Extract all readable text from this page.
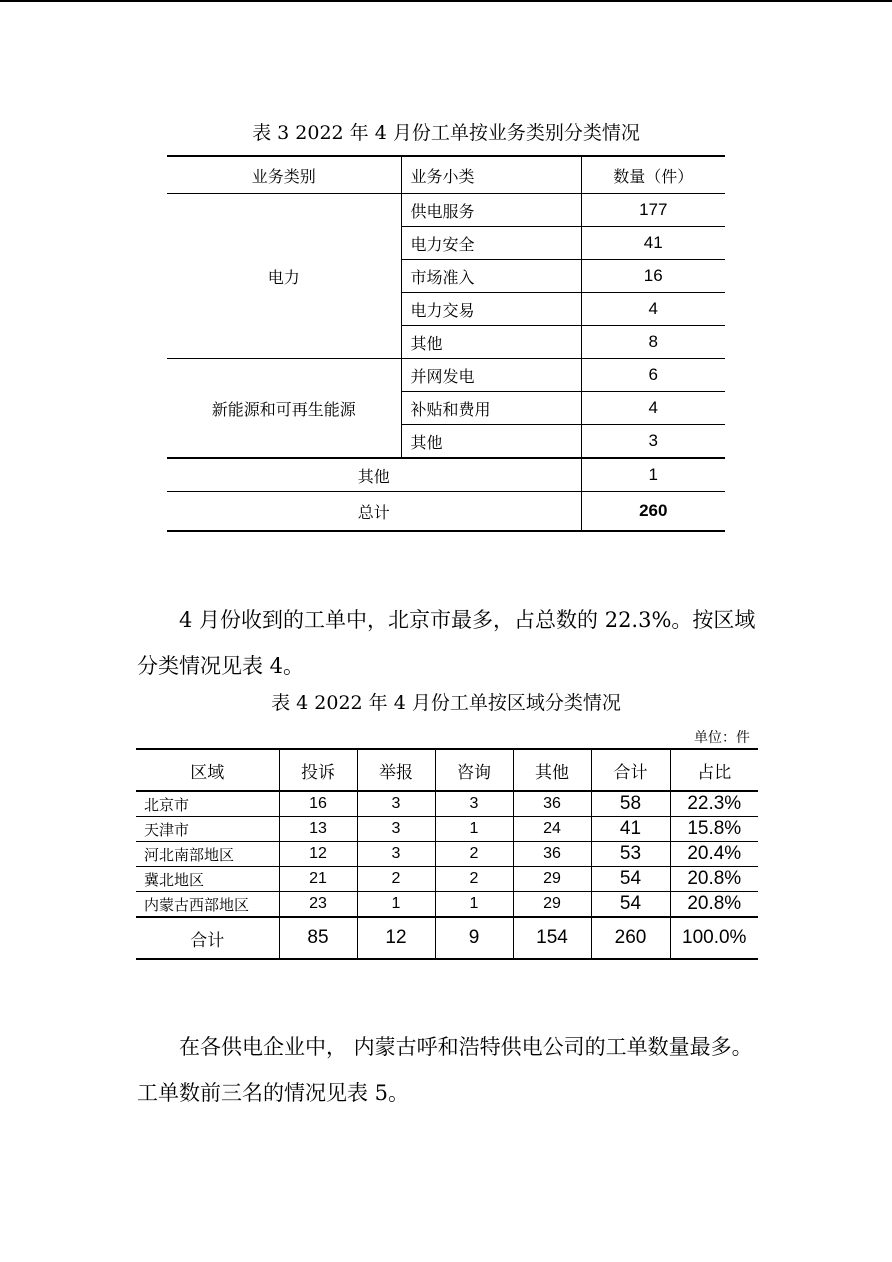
表 3 2022 年 4 月份工单按业务类别分类情况
业务类别	业务小类	数量（件）
电力	供电服务	177
	电力安全	41
	市场准入	16
	电力交易	4
	其他	8
新能源和可再生能源	并网发电	6
	补贴和费用	4
	其他	3
其他		1
总计		260
4 月份收到的工单中，北京市最多，占总数的 22.3%。按区域分类情况见表 4。
表 4 2022 年 4 月份工单按区域分类情况
单位：件
区域	投诉	举报	咨询	其他	合计	占比
北京市	16	3	3	36	58	22.3%
天津市	13	3	1	24	41	15.8%
河北南部地区	12	3	2	36	53	20.4%
冀北地区	21	2	2	29	54	20.8%
内蒙古西部地区	23	1	1	29	54	20.8%
合计	85	12	9	154	260	100.0%
在各供电企业中， 内蒙古呼和浩特供电公司的工单数量最多。工单数前三名的情况见表 5。
